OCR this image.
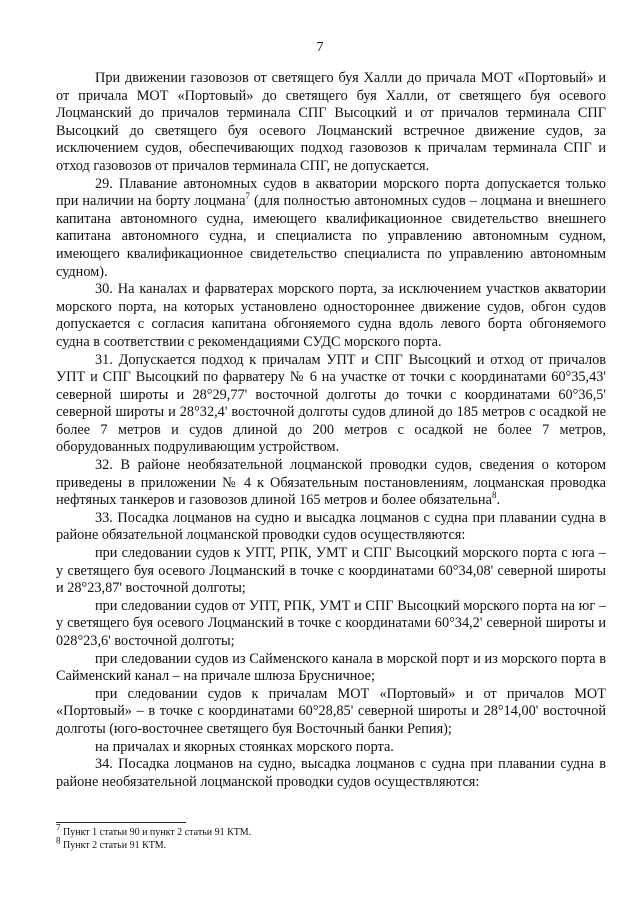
7

При движении газовозов от светящего буя Халли до причала МОТ «Портовый» и от причала МОТ «Портовый» до светящего буя Халли, от светящего буя осевого Лоцманский до причалов терминала СПГ Высоцкий и от причалов терминала СПГ Высоцкий до светящего буя осевого Лоцманский встречное движение судов, за исключением судов, обеспечивающих подход газовозов к причалам терминала СПГ и отход газовозов от причалов терминала СПГ, не допускается.

29. Плавание автономных судов в акватории морского порта допускается только при наличии на борту лоцмана$^7$ (для полностью автономных судов – лоцмана и внешнего капитана автономного судна, имеющего квалификационное свидетельство внешнего капитана автономного судна, и специалиста по управлению автономным судном, имеющего квалификационное свидетельство специалиста по управлению автономным судном).

30. На каналах и фарватерах морского порта, за исключением участков акватории морского порта, на которых установлено одностороннее движение судов, обгон судов допускается с согласия капитана обгоняемого судна вдоль левого борта обгоняемого судна в соответствии с рекомендациями СУДС морского порта.

31. Допускается подход к причалам УПТ и СПГ Высоцкий и отход от причалов УПТ и СПГ Высоцкий по фарватеру № 6 на участке от точки с координатами 60°35,43' северной широты и 28°29,77' восточной долготы до точки с координатами 60°36,5' северной широты и 28°32,4' восточной долготы судов длиной до 185 метров с осадкой не более 7 метров и судов длиной до 200 метров с осадкой не более 7 метров, оборудованных подруливающим устройством.

32. В районе необязательной лоцманской проводки судов, сведения о котором приведены в приложении № 4 к Обязательным постановлениям, лоцманская проводка нефтяных танкеров и газовозов длиной 165 метров и более обязательна$^8$.

33. Посадка лоцманов на судно и высадка лоцманов с судна при плавании судна в районе обязательной лоцманской проводки судов осуществляются:

при следовании судов к УПТ, РПК, УМТ и СПГ Высоцкий морского порта с юга – у светящего буя осевого Лоцманский в точке с координатами 60°34,08' северной широты и 28°23,87' восточной долготы;

при следовании судов от УПТ, РПК, УМТ и СПГ Высоцкий морского порта на юг – у светящего буя осевого Лоцманский в точке с координатами 60°34,2' северной широты и 028°23,6' восточной долготы;

при следовании судов из Сайменского канала в морской порт и из морского порта в Сайменский канал – на причале шлюза Брусничное;

при следовании судов к причалам МОТ «Портовый» и от причалов МОТ «Портовый» – в точке с координатами 60°28,85' северной широты и 28°14,00' восточной долготы (юго-восточнее светящего буя Восточный банки Репия);

на причалах и якорных стоянках морского порта.

34. Посадка лоцманов на судно, высадка лоцманов с судна при плавании судна в районе необязательной лоцманской проводки судов осуществляются:

$^7$ Пункт 1 статьи 90 и пункт 2 статьи 91 КТМ.

$^8$ Пункт 2 статьи 91 КТМ.
